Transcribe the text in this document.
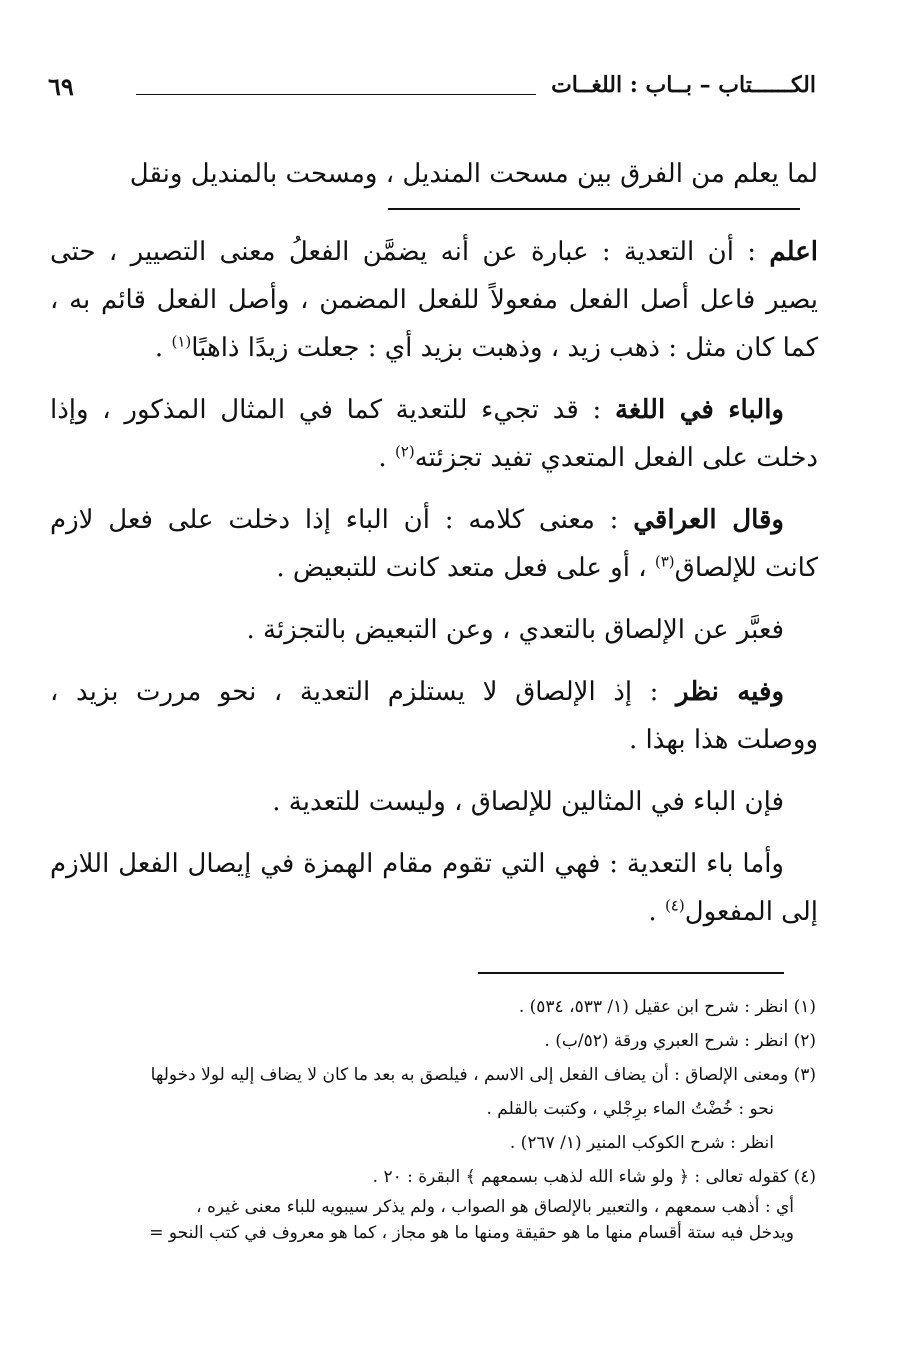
٦٩	الكــــــتاب – بــاب : اللغــات

لما يعلم من الفرق بين مسحت المنديل ، ومسحت بالمنديل ونقل

اعلم : أن التعدية : عبارة عن أنه يضمَّن الفعلُ معنى التصيير ، حتى
يصير فاعل أصل الفعل مفعولاً للفعل المضمن ، وأصل الفعل قائم به ،
كما كان مثل : ذهب زيد ، وذهبت بزيد أي : جعلت زيدًا ذاهبًا$^{(١)}$ .

والباء في اللغة : قد تجيء للتعدية كما في المثال المذكور ، وإذا
دخلت على الفعل المتعدي تفيد تجزئته$^{(٢)}$ .

وقال العراقي : معنى كلامه : أن الباء إذا دخلت على فعل لازم
كانت للإلصاق$^{(٣)}$ ، أو على فعل متعد كانت للتبعيض .

فعبَّر عن الإلصاق بالتعدي ، وعن التبعيض بالتجزئة .

وفيه نظر : إذ الإلصاق لا يستلزم التعدية ، نحو مررت بزيد ،
ووصلت هذا بهذا .

فإن الباء في المثالين للإلصاق ، وليست للتعدية .

وأما باء التعدية : فهي التي تقوم مقام الهمزة في إيصال الفعل اللازم
إلى المفعول$^{(٤)}$ .

(١) انظر : شرح ابن عقيل (١/ ٥٣٣، ٥٣٤) .
(٢) انظر : شرح العبري ورقة (٥٢/ب) .
(٣) ومعنى الإلصاق : أن يضاف الفعل إلى الاسم ، فيلصق به بعد ما كان لا يضاف إليه لولا دخولها
نحو : خُضْتُ الماء برِجْلي ، وكتبت بالقلم .
انظر : شرح الكوكب المنير (١/ ٢٦٧) .
(٤) كقوله تعالى : ﴿ ولو شاء الله لذهب بسمعهم ﴾ البقرة : ٢٠ .
أي : أذهب سمعهم ، والتعبير بالإلصاق هو الصواب ، ولم يذكر سيبويه للباء معنى غيره ،
ويدخل فيه ستة أقسام منها ما هو حقيقة ومنها ما هو مجاز ، كما هو معروف في كتب النحو =
